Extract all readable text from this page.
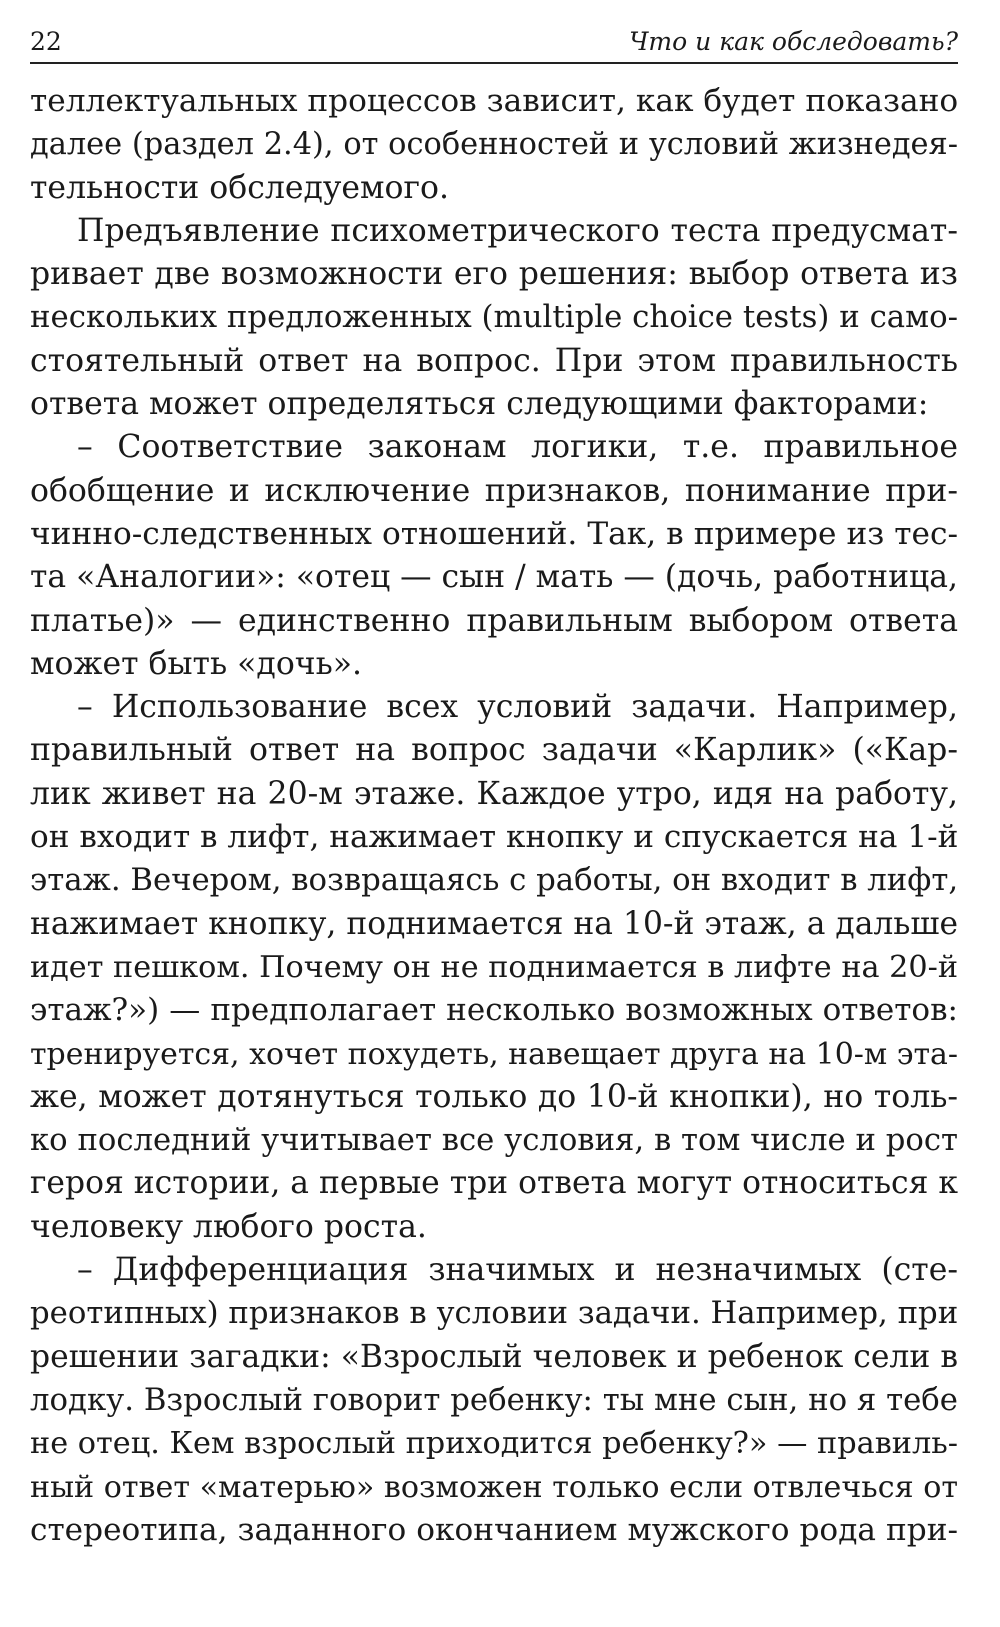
22	Что и как обследовать?
теллектуальных процессов зависит, как будет показано
далее (раздел 2.4), от особенностей и условий жизнедея-
тельности обследуемого.
Предъявление психометрического теста предусмат-
ривает две возможности его решения: выбор ответа из
нескольких предложенных (multiple choice tests) и само-
стоятельный ответ на вопрос. При этом правильность
ответа может определяться следующими факторами:
– Соответствие законам логики, т.е. правильное
обобщение и исключение признаков, понимание при-
чинно-следственных отношений. Так, в примере из тес-
та «Аналогии»: «отец — сын / мать — (дочь, работница,
платье)» — единственно правильным выбором ответа
может быть «дочь».
– Использование всех условий задачи. Например,
правильный ответ на вопрос задачи «Карлик» («Кар-
лик живет на 20-м этаже. Каждое утро, идя на работу,
он входит в лифт, нажимает кнопку и спускается на 1-й
этаж. Вечером, возвращаясь с работы, он входит в лифт,
нажимает кнопку, поднимается на 10-й этаж, а дальше
идет пешком. Почему он не поднимается в лифте на 20-й
этаж?») — предполагает несколько возможных ответов:
тренируется, хочет похудеть, навещает друга на 10-м эта-
же, может дотянуться только до 10-й кнопки), но толь-
ко последний учитывает все условия, в том числе и рост
героя истории, а первые три ответа могут относиться к
человеку любого роста.
– Дифференциация значимых и незначимых (сте-
реотипных) признаков в условии задачи. Например, при
решении загадки: «Взрослый человек и ребенок сели в
лодку. Взрослый говорит ребенку: ты мне сын, но я тебе
не отец. Кем взрослый приходится ребенку?» — правиль-
ный ответ «матерью» возможен только если отвлечься от
стереотипа, заданного окончанием мужского рода при-
